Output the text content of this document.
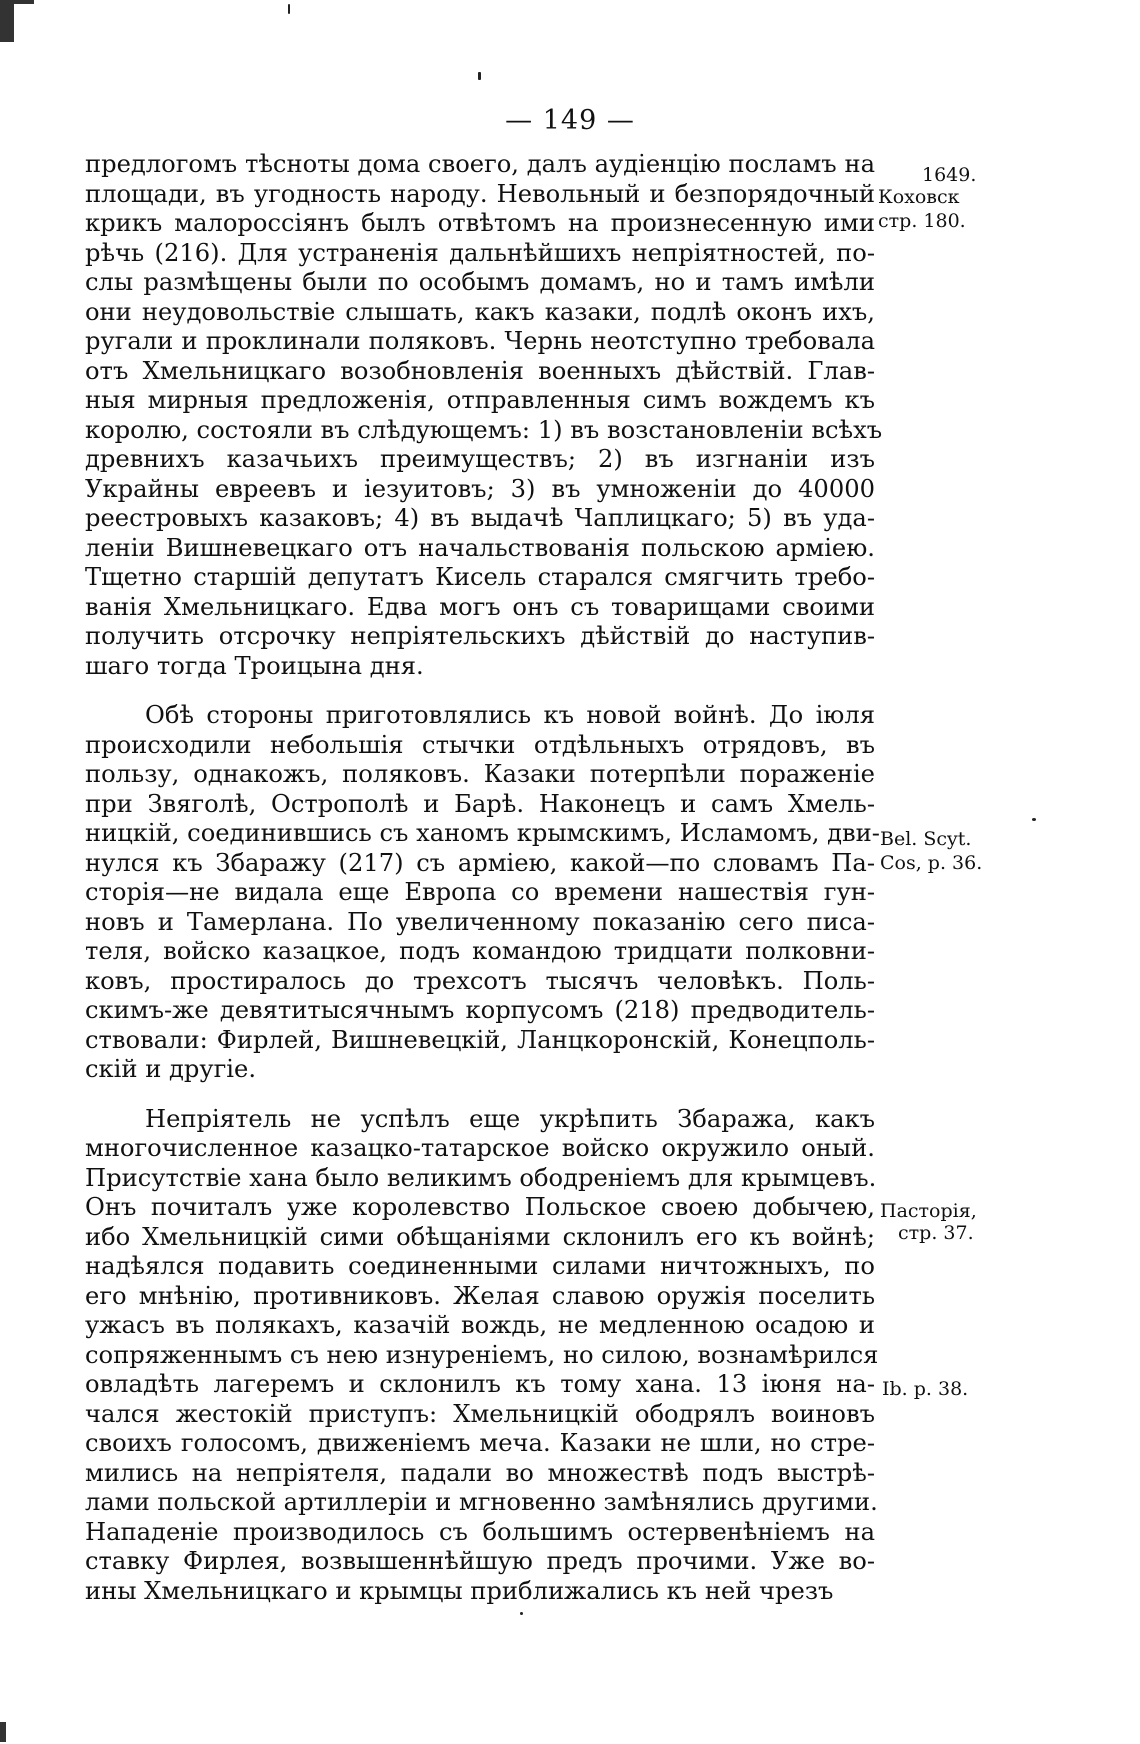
— 149 —
предлогомъ тѣсноты дома своего, далъ аудіенцію посламъ на
площади, въ угодность народу. Невольный и безпорядочный
крикъ малороссіянъ былъ отвѣтомъ на произнесенную ими
рѣчь (216). Для устраненія дальнѣйшихъ непріятностей, по-
слы размѣщены были по особымъ домамъ, но и тамъ имѣли
они неудовольствіе слышать, какъ казаки, подлѣ оконъ ихъ,
ругали и проклинали поляковъ. Чернь неотступно требовала
отъ Хмельницкаго возобновленія военныхъ дѣйствій. Глав-
ныя мирныя предложенія, отправленныя симъ вождемъ къ
королю, состояли въ слѣдующемъ: 1) въ возстановленіи всѣхъ
древнихъ казачьихъ преимуществъ; 2) въ изгнаніи изъ
Украйны евреевъ и іезуитовъ; 3) въ умноженіи до 40000
реестровыхъ казаковъ; 4) въ выдачѣ Чаплицкаго; 5) въ уда-
леніи Вишневецкаго отъ начальствованія польскою арміею.
Тщетно старшій депутатъ Кисель старался смягчить требо-
ванія Хмельницкаго. Едва могъ онъ съ товарищами своими
получить отсрочку непріятельскихъ дѣйствій до наступив-
шаго тогда Троицына дня.
Обѣ стороны приготовлялись къ новой войнѣ. До іюля
происходили небольшія стычки отдѣльныхъ отрядовъ, въ
пользу, однакожъ, поляковъ. Казаки потерпѣли пораженіе
при Звяголѣ, Острополѣ и Барѣ. Наконецъ и самъ Хмель-
ницкій, соединившись съ ханомъ крымскимъ, Исламомъ, дви-
нулся къ Збаражу (217) съ арміею, какой—по словамъ Па-
сторія—не видала еще Европа со времени нашествія гун-
новъ и Тамерлана. По увеличенному показанію сего писа-
теля, войско казацкое, подъ командою тридцати полковни-
ковъ, простиралось до трехсотъ тысячъ человѣкъ. Поль-
скимъ-же девятитысячнымъ корпусомъ (218) предводитель-
ствовали: Фирлей, Вишневецкій, Ланцкоронскій, Конецполь-
скій и другіе.
Непріятель не успѣлъ еще укрѣпить Збаража, какъ
многочисленное казацко-татарское войско окружило оный.
Присутствіе хана было великимъ ободреніемъ для крымцевъ.
Онъ почиталъ уже королевство Польское своею добычею,
ибо Хмельницкій сими обѣщаніями склонилъ его къ войнѣ;
надѣялся подавить соединенными силами ничтожныхъ, по
его мнѣнію, противниковъ. Желая славою оружія поселить
ужасъ въ полякахъ, казачій вождь, не медленною осадою и
сопряженнымъ съ нею изнуреніемъ, но силою, вознамѣрился
овладѣть лагеремъ и склонилъ къ тому хана. 13 іюня на-
чался жестокій приступъ: Хмельницкій ободрялъ воиновъ
своихъ голосомъ, движеніемъ меча. Казаки не шли, но стре-
мились на непріятеля, падали во множествѣ подъ выстрѣ-
лами польской артиллеріи и мгновенно замѣнялись другими.
Нападеніе производилось съ большимъ остервенѣніемъ на
ставку Фирлея, возвышеннѣйшую предъ прочими. Уже во-
ины Хмельницкаго и крымцы приближались къ ней чрезъ
1649.
Коховск
стр. 180.
Bel. Scyt.
Cos, p. 36.
Пасторія,
стр. 37.
Ib. p. 38.
